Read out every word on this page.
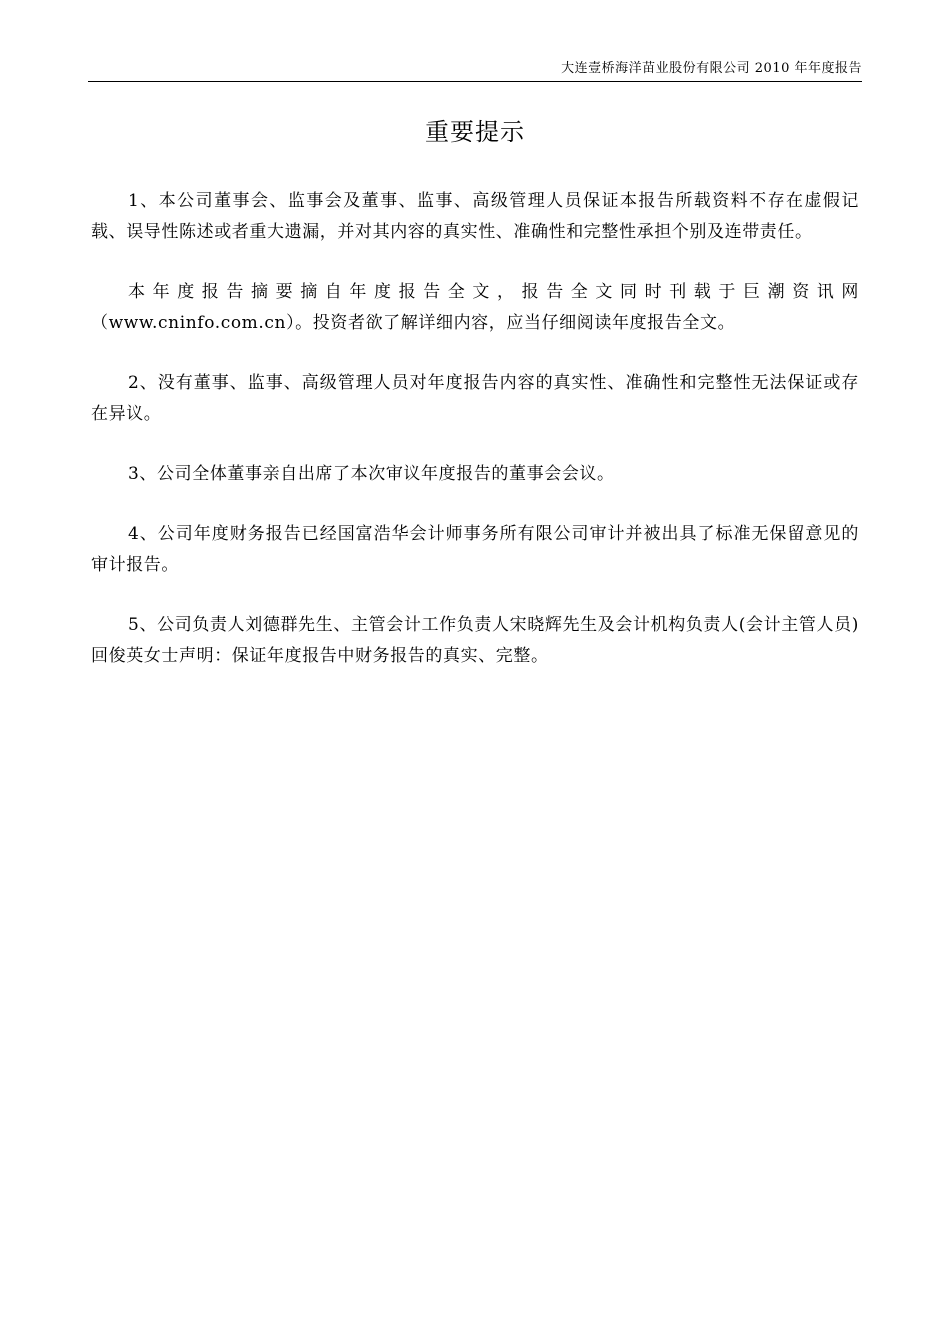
大连壹桥海洋苗业股份有限公司 2010 年年度报告
重要提示

1、本公司董事会、监事会及董事、监事、高级管理人员保证本报告所载资料不存在虚假记载、误导性陈述或者重大遗漏，并对其内容的真实性、准确性和完整性承担个别及连带责任。

本年度报告摘要摘自年度报告全文，报告全文同时刊载于巨潮资讯网（www.cninfo.com.cn）。投资者欲了解详细内容，应当仔细阅读年度报告全文。

2、没有董事、监事、高级管理人员对年度报告内容的真实性、准确性和完整性无法保证或存在异议。

3、公司全体董事亲自出席了本次审议年度报告的董事会会议。

4、公司年度财务报告已经国富浩华会计师事务所有限公司审计并被出具了标准无保留意见的审计报告。

5、公司负责人刘德群先生、主管会计工作负责人宋晓辉先生及会计机构负责人(会计主管人员)回俊英女士声明：保证年度报告中财务报告的真实、完整。
